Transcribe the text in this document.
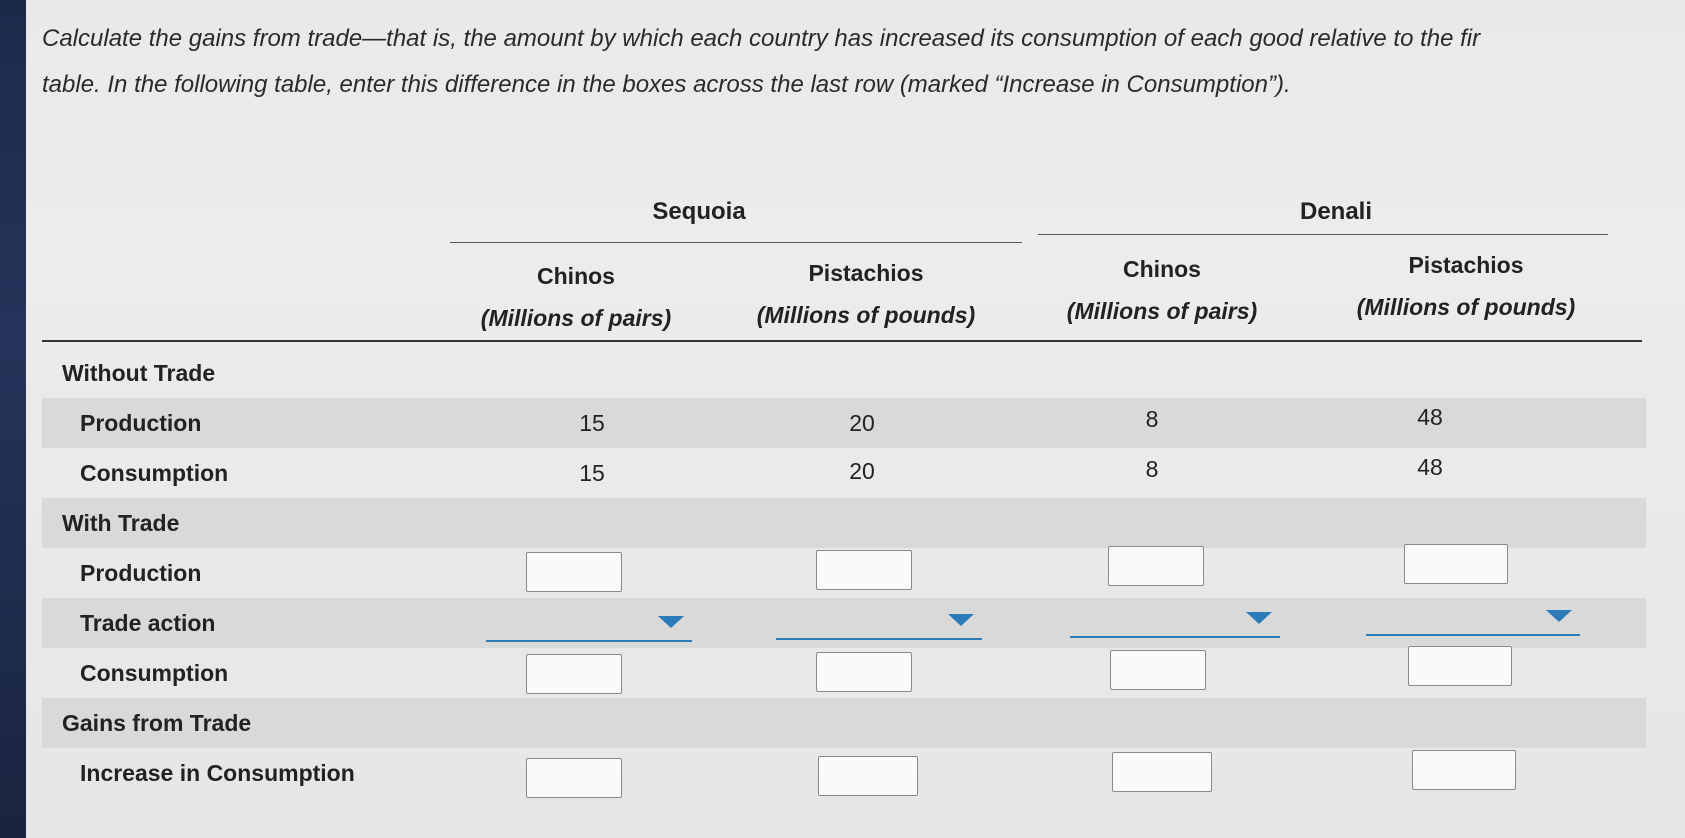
Calculate the gains from trade—that is, the amount by which each country has increased its consumption of each good relative to the fir
table. In the following table, enter this difference in the boxes across the last row (marked “Increase in Consumption”).
Sequoia	Denali
Chinos
(Millions of pairs)
Pistachios
(Millions of pounds)
Chinos
(Millions of pairs)
Pistachios
(Millions of pounds)
Without Trade
Production	15	20	8	48
Consumption	15	20	8	48
With Trade
Production
Trade action
Consumption
Gains from Trade
Increase in Consumption
